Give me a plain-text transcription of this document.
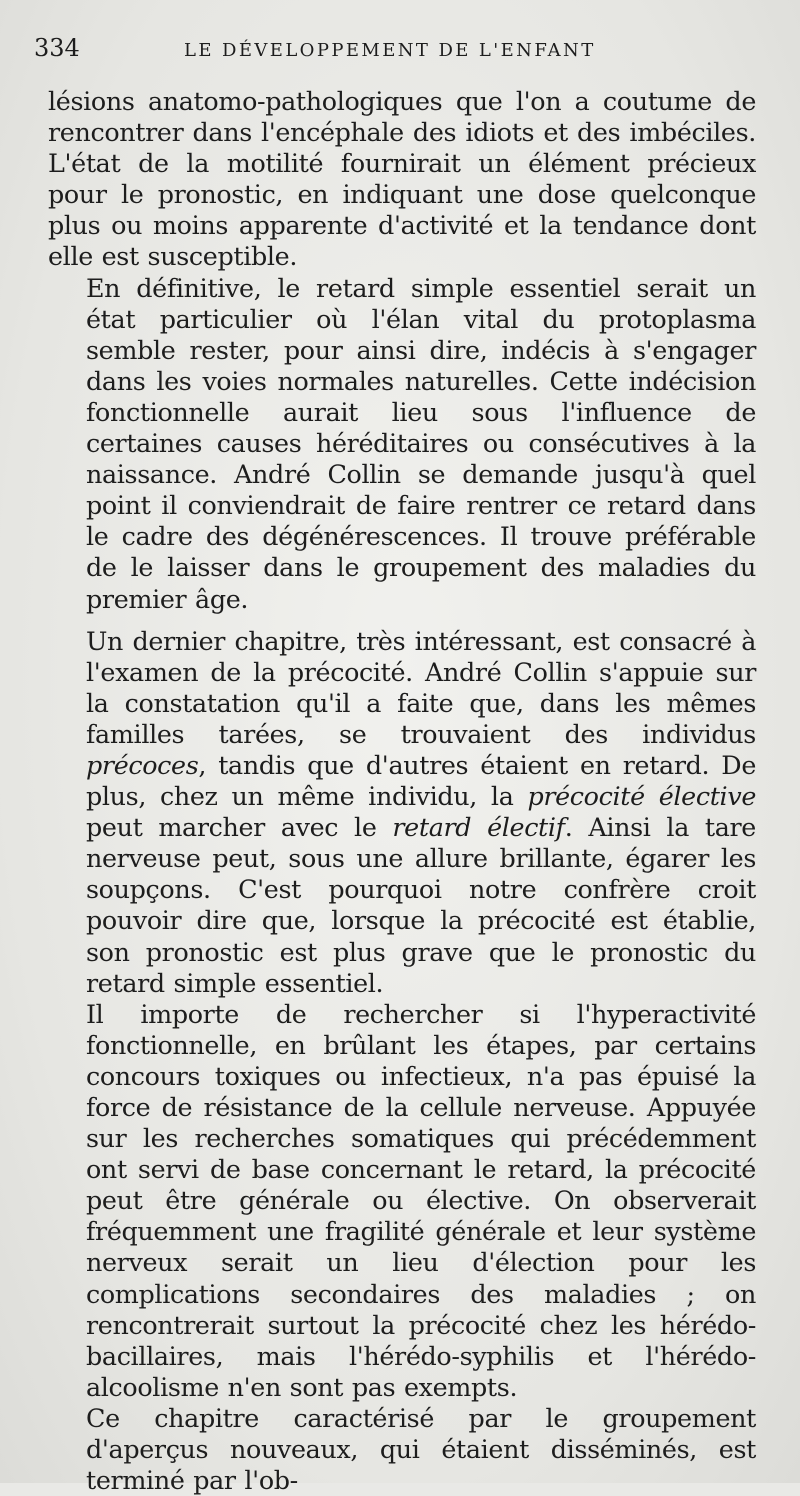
334	LE DÉVELOPPEMENT DE L'ENFANT

lésions anatomo-pathologiques que l'on a coutume de rencontrer dans l'encéphale des idiots et des imbéciles. L'état de la motilité fournirait un élément précieux pour le pronostic, en indiquant une dose quelconque plus ou moins apparente d'activité et la tendance dont elle est susceptible.

En définitive, le retard simple essentiel serait un état particulier où l'élan vital du protoplasma semble rester, pour ainsi dire, indécis à s'engager dans les voies normales naturelles. Cette indécision fonctionnelle aurait lieu sous l'influence de certaines causes héréditaires ou consécutives à la naissance. André Collin se demande jusqu'à quel point il conviendrait de faire rentrer ce retard dans le cadre des dégénérescences. Il trouve préférable de le laisser dans le groupement des maladies du premier âge.

Un dernier chapitre, très intéressant, est consacré à l'examen de la précocité. André Collin s'appuie sur la constatation qu'il a faite que, dans les mêmes familles tarées, se trouvaient des individus précoces, tandis que d'autres étaient en retard. De plus, chez un même individu, la précocité élective peut marcher avec le retard électif. Ainsi la tare nerveuse peut, sous une allure brillante, égarer les soupçons. C'est pourquoi notre confrère croit pouvoir dire que, lorsque la précocité est établie, son pronostic est plus grave que le pronostic du retard simple essentiel.

Il importe de rechercher si l'hyperactivité fonctionnelle, en brûlant les étapes, par certains concours toxiques ou infectieux, n'a pas épuisé la force de résistance de la cellule nerveuse. Appuyée sur les recherches somatiques qui précédemment ont servi de base concernant le retard, la précocité peut être générale ou élective. On observerait fréquemment une fragilité générale et leur système nerveux serait un lieu d'élection pour les complications secondaires des maladies ; on rencontrerait surtout la précocité chez les hérédo-bacillaires, mais l'hérédo-syphilis et l'hérédo-alcoolisme n'en sont pas exempts.

Ce chapitre caractérisé par le groupement d'aperçus nouveaux, qui étaient disséminés, est terminé par l'ob-
